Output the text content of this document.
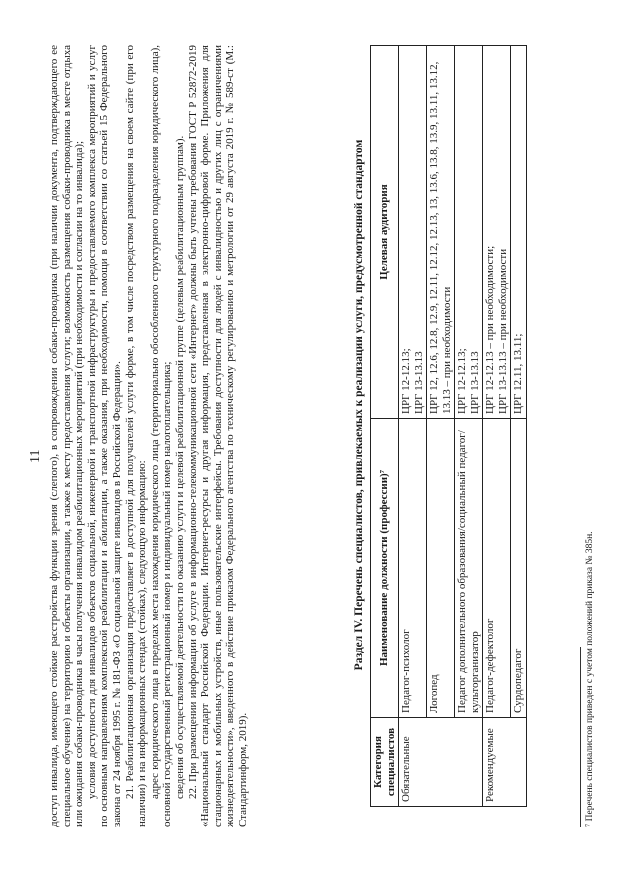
11 доступ инвалида, имеющего стойкие расстройства функции зрения (слепого), в сопровождении собаки-проводника (при наличии документа, подтверждающего ее специальное обучение) на территорию и объекты организации, а также к месту предоставления услуги; возможность размещения собаки-проводника в месте отдыха или ожидания собаки-проводника в часы получения инвалидом реабилитационных мероприятий (при необходимости и согласии на то инвалида); условия доступности для инвалидов объектов социальной, инженерной и транспортной инфраструктуры и предоставляемого комплекса мероприятий и услуг по основным направлениям комплексной реабилитации и абилитации, а также оказания, при необходимости, помощи в соответствии со статьей 15 Федерального закона от 24 ноября 1995 г. № 181-ФЗ «О социальной защите инвалидов в Российской Федерации». 21. Реабилитационная организация предоставляет в доступной для получателей услуги форме, в том числе посредством размещения на своем сайте (при его наличии) и на информационных стендах (стойках), следующую информацию: адрес юридического лица в пределах места нахождения юридического лица (территориально обособленного структурного подразделения юридического лица), основной государственный регистрационный номер и индивидуальный номер налогоплательщика; сведения об осуществляемой деятельности по оказанию услуги и целевой реабилитационной группе (целевым реабилитационным группам). 22. При размещении информации об услуге в информационно-телекоммуникационной сети «Интернет» должны быть учтены требования ГОСТ Р 52872-2019 «Национальный стандарт Российской Федерации. Интернет-ресурсы и другая информация, представленная в электронно-цифровой форме. Приложения для стационарных и мобильных устройств, иные пользовательские интерфейсы. Требования доступности для людей с инвалидностью и других лиц с ограничениями жизнедеятельности», введенного в действие приказом Федерального агентства по техническому регулированию и метрологии от 29 августа 2019 г. № 589-ст (М.: Стандартинформ, 2019).

Раздел IV. Перечень специалистов, привлекаемых к реализации услуги, предусмотренной стандартом
Категория специалистов	Наименование должности (профессии)⁷	Целевая аудитория
Обязательные	Педагог-психолог	ЦРГ 12-12.13; ЦРГ 13-13.13

	Логопед	ЦРГ 12, 12.6, 12.8, 12.9, 12.11, 12.12, 12.13, 13, 13.6, 13.8, 13.9, 13.11, 13.12, 13.13 – при необходимости

	Педагог дополнительного образования/социальный педагог/культорганизатор	ЦРГ 12-12.13; ЦРГ 13-13.13

Рекомендуемые	Педагог-дефектолог	ЦРГ 12-12.13 – при необходимости; ЦРГ 13-13.13 – при необходимости

	Сурдопедагог	ЦРГ 12.11, 13.11;
⁷ Перечень специалистов приведен с учетом положений приказа № 385н.
